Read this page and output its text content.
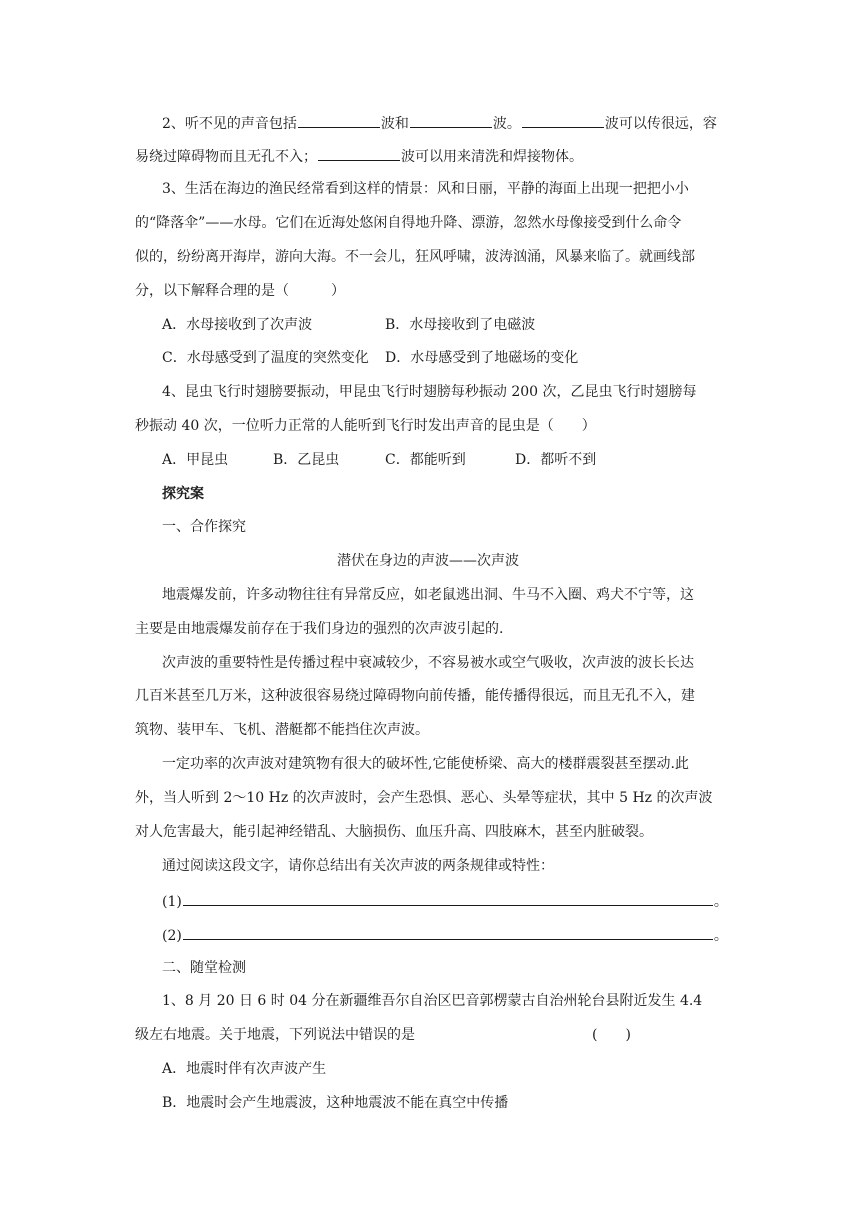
2、听不见的声音包括	波和	波。	波可以传很远，容
易绕过障碍物而且无孔不入；	波可以用来清洗和焊接物体。
3、生活在海边的渔民经常看到这样的情景：风和日丽，平静的海面上出现一把把小小
的“降落伞”——水母。它们在近海处悠闲自得地升降、漂游，忽然水母像接受到什么命令
似的，纷纷离开海岸，游向大海。不一会儿，狂风呼啸，波涛汹涌，风暴来临了。就画线部
分，以下解释合理的是（　　　）
A．水母接收到了次声波	B．水母接收到了电磁波
C．水母感受到了温度的突然变化 D．水母感受到了地磁场的变化
4、昆虫飞行时翅膀要振动，甲昆虫飞行时翅膀每秒振动 200 次，乙昆虫飞行时翅膀每
秒振动 40 次，一位听力正常的人能听到飞行时发出声音的昆虫是（　　）
A．甲昆虫	B．乙昆虫	C．都能听到	D．都听不到
探究案
一、合作探究
潜伏在身边的声波——次声波
地震爆发前，许多动物往往有异常反应，如老鼠逃出洞、牛马不入圈、鸡犬不宁等，这
主要是由地震爆发前存在于我们身边的强烈的次声波引起的.
次声波的重要特性是传播过程中衰减较少，不容易被水或空气吸收，次声波的波长长达
几百米甚至几万米，这种波很容易绕过障碍物向前传播，能传播得很远，而且无孔不入，建
筑物、装甲车、飞机、潜艇都不能挡住次声波。
一定功率的次声波对建筑物有很大的破坏性,它能使桥梁、高大的楼群震裂甚至摆动.此
外，当人听到 2～10 Hz 的次声波时，会产生恐惧、恶心、头晕等症状，其中 5 Hz 的次声波
对人危害最大，能引起神经错乱、大脑损伤、血压升高、四肢麻木，甚至内脏破裂。
通过阅读这段文字，请你总结出有关次声波的两条规律或特性：
(1)	。
(2)	。
二、随堂检测
1、8 月 20 日 6 时 04 分在新疆维吾尔自治区巴音郭楞蒙古自治州轮台县附近发生 4.4
级左右地震。关于地震，下列说法中错误的是	(　　)
A．地震时伴有次声波产生
B．地震时会产生地震波，这种地震波不能在真空中传播
